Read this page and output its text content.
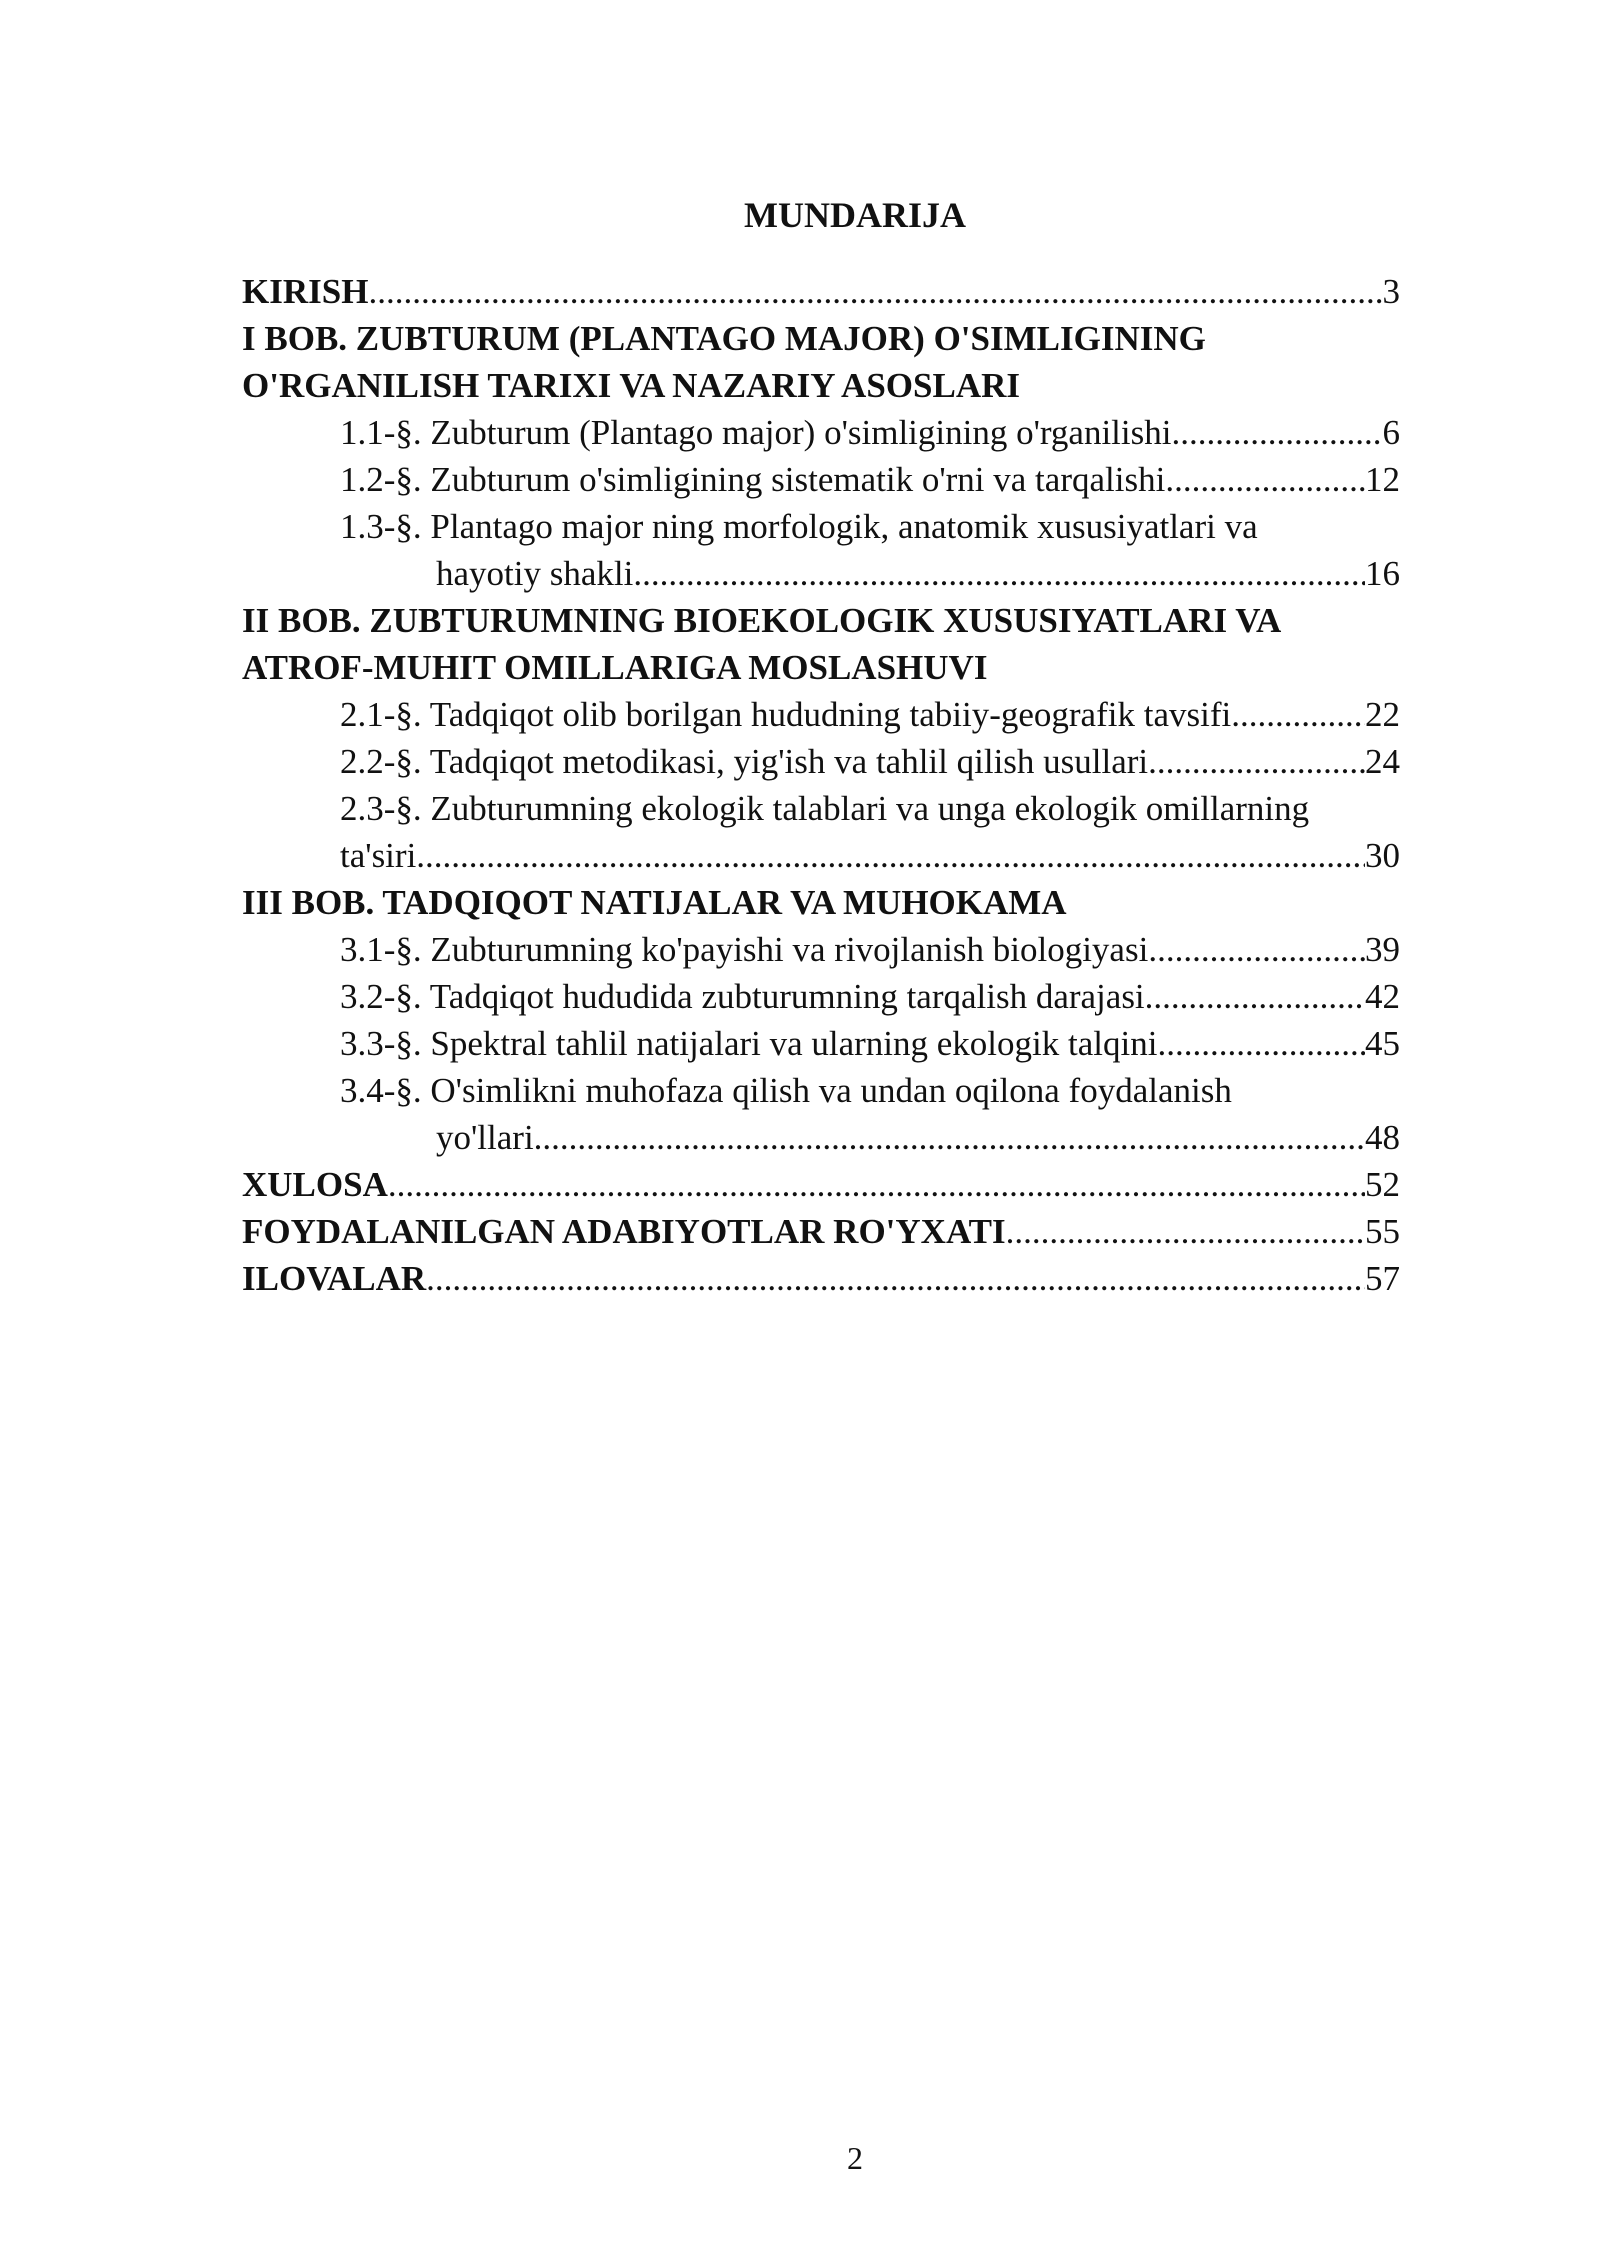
MUNDARIJA
KIRISH .....	3
I BOB. ZUBTURUM (PLANTAGO MAJOR) O'SIMLIGINING
O'RGANILISH TARIXI VA NAZARIY ASOSLARI
1.1-§. Zubturum (Plantago major) o'simligining o'rganilishi .....	6
1.2-§. Zubturum o'simligining sistematik o'rni va tarqalishi .....	12
1.3-§. Plantago major ning morfologik, anatomik xususiyatlari va
hayotiy shakli .....	16
II BOB. ZUBTURUMNING BIOEKOLOGIK XUSUSIYATLARI VA
ATROF-MUHIT OMILLARIGA MOSLASHUVI
2.1-§. Tadqiqot olib borilgan hududning tabiiy-geografik tavsifi .....	22
2.2-§. Tadqiqot metodikasi, yig'ish va tahlil qilish usullari .....	24
2.3-§. Zubturumning ekologik talablari va unga ekologik omillarning
ta'siri .....	30
III BOB. TADQIQOT NATIJALAR VA MUHOKAMA
3.1-§. Zubturumning ko'payishi va rivojlanish biologiyasi .....	39
3.2-§. Tadqiqot hududida zubturumning tarqalish darajasi .....	42
3.3-§. Spektral tahlil natijalari va ularning ekologik talqini .....	45
3.4-§. O'simlikni muhofaza qilish va undan oqilona foydalanish
yo'llari .....	48
XULOSA .....	52
FOYDALANILGAN ADABIYOTLAR RO'YXATI .....	55
ILOVALAR .....	57
2
